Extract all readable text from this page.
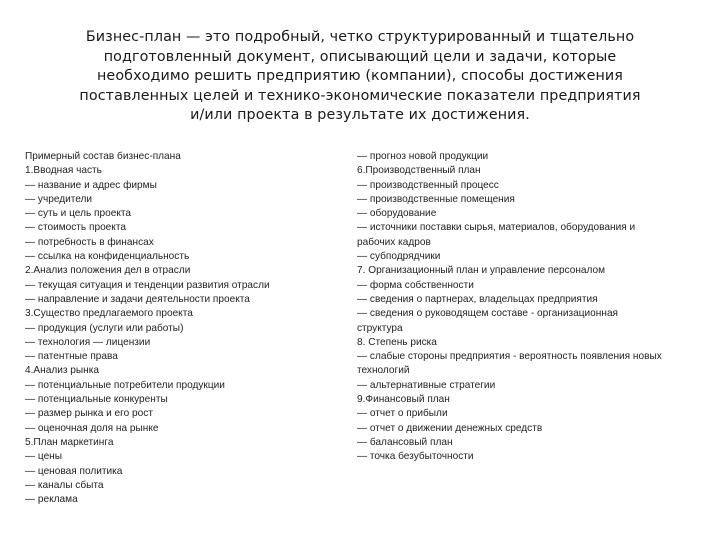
Бизнес-план — это подробный, четко структурированный и тщательно
подготовленный документ, описывающий цели и задачи, которые
необходимо решить предприятию (компании), способы достижения
поставленных целей и технико-экономические показатели предприятия
и/или проекта в результате их достижения.

Примерный состав бизнес-плана
1.Вводная часть
— название и адрес фирмы
— учредители
— суть и цель проекта
— стоимость проекта
— потребность в финансах
— ссылка на конфиденциальность
2.Анализ положения дел в отрасли
— текущая ситуация и тенденции развития отрасли
— направление и задачи деятельности проекта
3.Существо предлагаемого проекта
— продукция (услуги или работы)
— технология — лицензии
— патентные права
4.Анализ рынка
— потенциальные потребители продукции
— потенциальные конкуренты
— размер рынка и его рост
— оценочная доля на рынке
5.План маркетинга
— цены
— ценовая политика
— каналы сбыта
— реклама
— прогноз новой продукции
6.Производственный план
— производственный процесс
— производственные помещения
— оборудование
— источники поставки сырья, материалов, оборудования и
рабочих кадров
— субподрядчики
7. Организационный план и управление персоналом
— форма собственности
— сведения о партнерах, владельцах предприятия
— сведения о руководящем составе - организационная
структура
8. Степень риска
— слабые стороны предприятия - вероятность появления новых
технологий
— альтернативные стратегии
9.Финансовый план
— отчет о прибыли
— отчет о движении денежных средств
— балансовый план
— точка безубыточности
